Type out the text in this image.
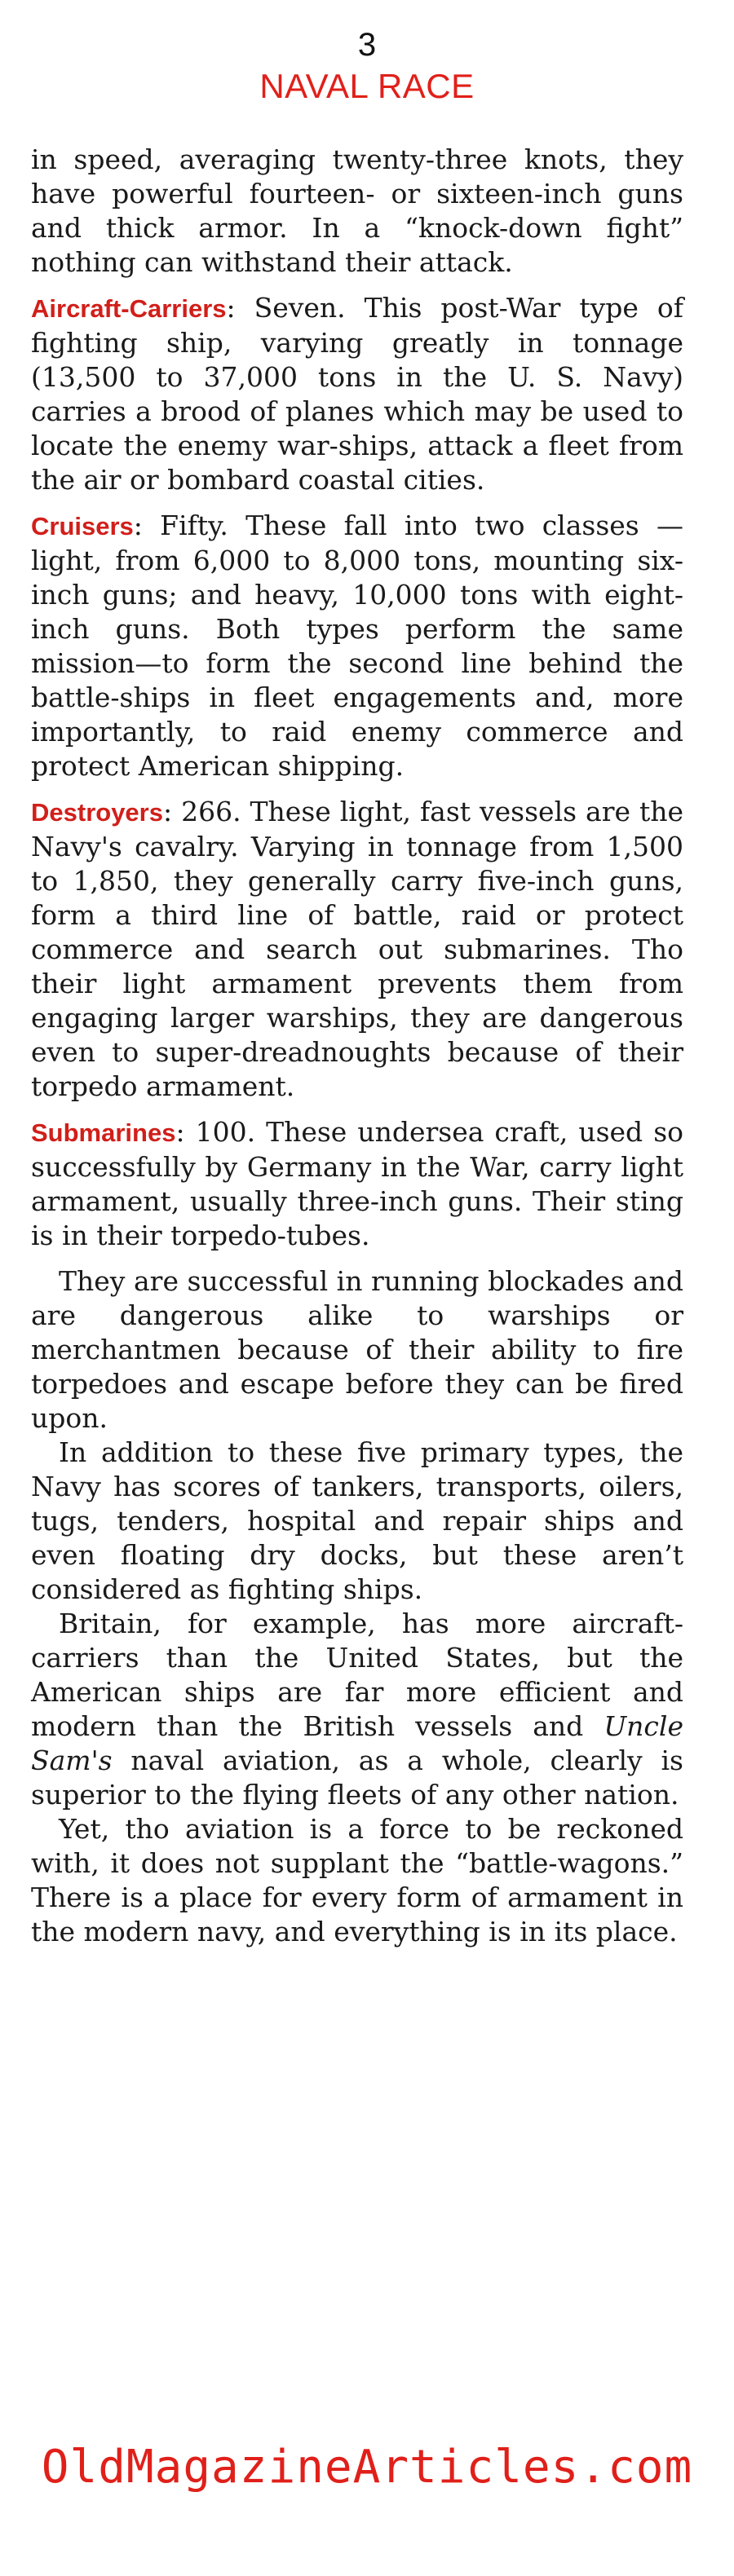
3
NAVAL RACE

in speed, averaging twenty-three knots, they have powerful fourteen- or sixteen-inch guns and thick armor. In a “knock-down fight” nothing can withstand their attack.

Aircraft-Carriers: Seven. This post-War type of fighting ship, varying greatly in tonnage (13,500 to 37,000 tons in the U. S. Navy) carries a brood of planes which may be used to locate the enemy war-ships, attack a fleet from the air or bombard coastal cities.

Cruisers: Fifty. These fall into two classes —light, from 6,000 to 8,000 tons, mounting six-inch guns; and heavy, 10,000 tons with eight-inch guns. Both types perform the same mission—to form the second line behind the battle-ships in fleet engagements and, more importantly, to raid enemy commerce and protect American shipping.

Destroyers: 266. These light, fast vessels are the Navy's cavalry. Varying in tonnage from 1,500 to 1,850, they generally carry five-inch guns, form a third line of battle, raid or protect commerce and search out submarines. Tho their light armament prevents them from engaging larger warships, they are dangerous even to super-dreadnoughts because of their torpedo armament.

Submarines: 100. These undersea craft, used so successfully by Germany in the War, carry light armament, usually three-inch guns. Their sting is in their torpedo-tubes.

They are successful in running blockades and are dangerous alike to warships or merchantmen because of their ability to fire torpedoes and escape before they can be fired upon.

In addition to these five primary types, the Navy has scores of tankers, transports, oilers, tugs, tenders, hospital and repair ships and even floating dry docks, but these aren’t considered as fighting ships.

Britain, for example, has more aircraft-carriers than the United States, but the American ships are far more efficient and modern than the British vessels and Uncle Sam's naval aviation, as a whole, clearly is superior to the flying fleets of any other nation.

Yet, tho aviation is a force to be reckoned with, it does not supplant the “battle-wagons.” There is a place for every form of armament in the modern navy, and everything is in its place.

OldMagazineArticles.com
